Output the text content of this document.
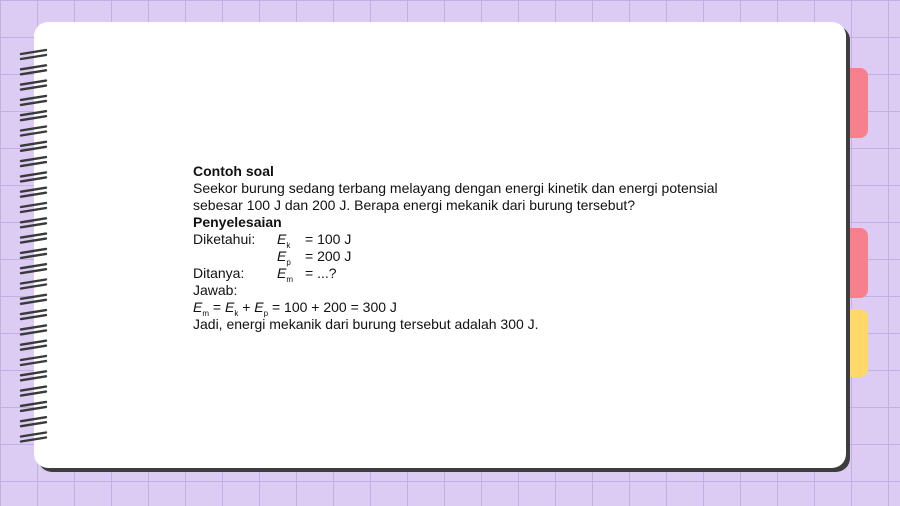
Contoh soal

Seekor burung sedang terbang melayang dengan energi kinetik dan energi potensial

sebesar 100 J dan 200 J. Berapa energi mekanik dari burung tersebut?

Penyelesaian

Diketahui: $E_k = 100$ J
$E_p = 200$ J
Ditanya: $E_m$ = ...?

Jawab:

$E_m = E_k + E_p = 100 + 200 = 300$ J

Jadi, energi mekanik dari burung tersebut adalah 300 J.
